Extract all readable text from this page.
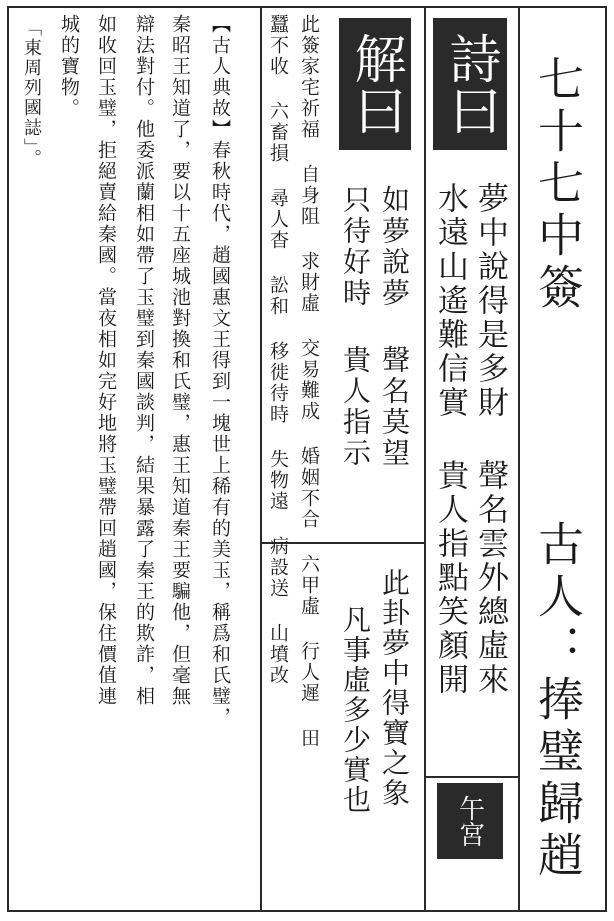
七十七中簽
古人：
捧璧歸趙
詩曰
夢中說得是多財 聲名雲外總虛來
水遠山遙難信實 貴人指點笑顏開
午宮
解曰
如夢說夢 聲名莫望
只待好時 貴人指示
此卦夢中得寶之象
凡事虛多少實也
此簽家宅祈福 自身阻 求財虛 交易難成 婚姻不合 六甲虛 行人遲 田
蠶不收 六畜損 尋人杳 訟和 移徙待時 失物遠 病設送 山墳改
【古人典故】春秋時代，趙國惠文王得到一塊世上稀有的美玉，稱爲和氏璧，
秦昭王知道了，要以十五座城池對換和氏璧，惠王知道秦王要騙他，但毫無
辯法對付。他委派蘭相如帶了玉璧到秦國談判，結果暴露了秦王的欺詐，相
如收回玉璧，拒絕賣給秦國。當夜相如完好地將玉璧帶回趙國，保住價值連
城的寶物。
「東周列國誌」。
